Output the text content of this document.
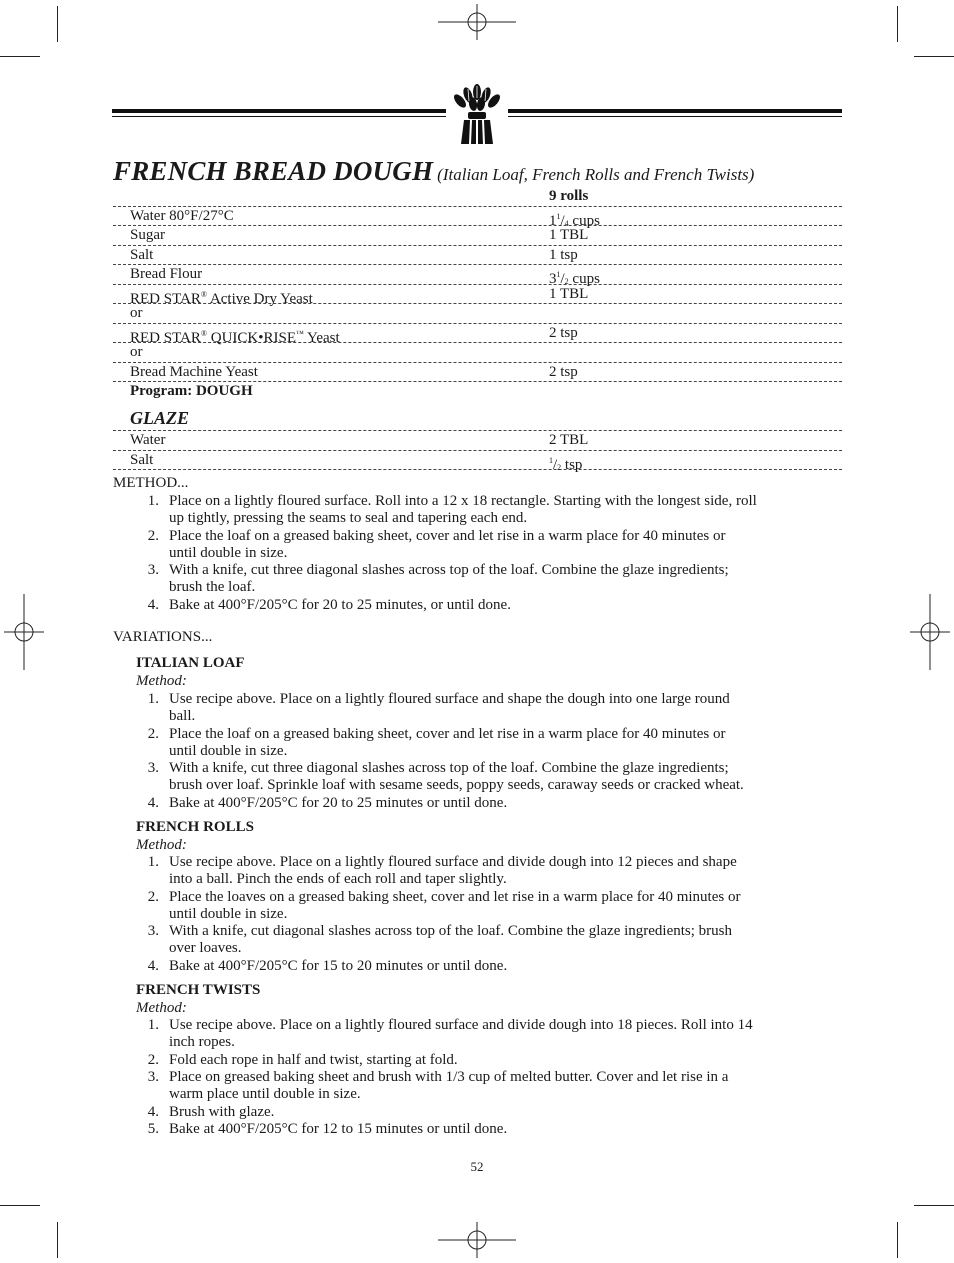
FRENCH BREAD DOUGH (Italian Loaf, French Rolls and French Twists)
9 rolls
Water 80°F/27°C	$1^1/4$ cups
Sugar	1 TBL
Salt	1 tsp
Bread Flour	$3^1/2$ cups
RED STAR® Active Dry Yeast	1 TBL
or
RED STAR® QUICK•RISE™ Yeast	2 tsp
or
Bread Machine Yeast	2 tsp
Program: DOUGH
GLAZE
Water	2 TBL
Salt	$^1$/2 tsp
METHOD...
1. Place on a lightly floured surface. Roll into a 12 x 18 rectangle. Starting with the longest side, roll
up tightly, pressing the seams to seal and tapering each end.
2. Place the loaf on a greased baking sheet, cover and let rise in a warm place for 40 minutes or
until double in size.
3. With a knife, cut three diagonal slashes across top of the loaf. Combine the glaze ingredients;
brush the loaf.
4. Bake at 400°F/205°C for 20 to 25 minutes, or until done.
VARIATIONS...
ITALIAN LOAF
Method:
1. Use recipe above. Place on a lightly floured surface and shape the dough into one large round
ball.
2. Place the loaf on a greased baking sheet, cover and let rise in a warm place for 40 minutes or
until double in size.
3. With a knife, cut three diagonal slashes across top of the loaf. Combine the glaze ingredients;
brush over loaf. Sprinkle loaf with sesame seeds, poppy seeds, caraway seeds or cracked wheat.
4. Bake at 400°F/205°C for 20 to 25 minutes or until done.
FRENCH ROLLS
Method:
1. Use recipe above. Place on a lightly floured surface and divide dough into 12 pieces and shape
into a ball. Pinch the ends of each roll and taper slightly.
2. Place the loaves on a greased baking sheet, cover and let rise in a warm place for 40 minutes or
until double in size.
3. With a knife, cut diagonal slashes across top of the loaf. Combine the glaze ingredients; brush
over loaves.
4. Bake at 400°F/205°C for 15 to 20 minutes or until done.
FRENCH TWISTS
Method:
1. Use recipe above. Place on a lightly floured surface and divide dough into 18 pieces. Roll into 14
inch ropes.
2. Fold each rope in half and twist, starting at fold.
3. Place on greased baking sheet and brush with 1/3 cup of melted butter. Cover and let rise in a
warm place until double in size.
4. Brush with glaze.
5. Bake at 400°F/205°C for 12 to 15 minutes or until done.
52
